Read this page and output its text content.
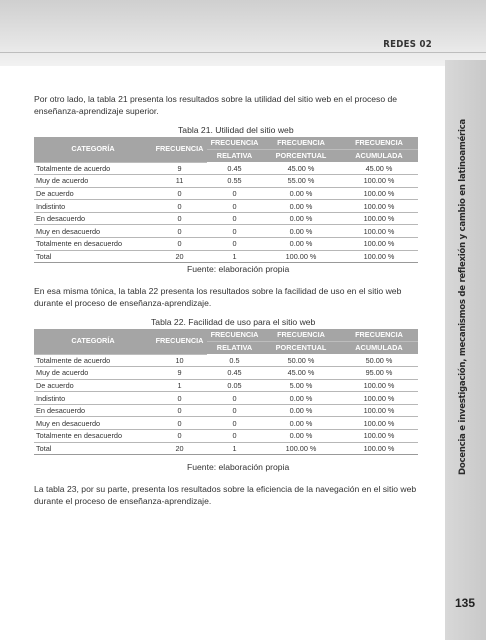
REDES 02
Docencia e investigación, mecanismos de reflexión y cambio en latinoamérica
135

Por otro lado, la tabla 21 presenta los resultados sobre la utilidad del sitio web en el proceso de enseñanza-aprendizaje superior.

Tabla 21. Utilidad del sitio web
CATEGORÍA	FRECUENCIA	FRECUENCIA	FRECUENCIA	FRECUENCIA
		RELATIVA	PORCENTUAL	ACUMULADA
Totalmente de acuerdo	9	0.45	45.00 %	45.00 %
Muy de acuerdo	11	0.55	55.00 %	100.00 %
De acuerdo	0	0	0.00 %	100.00 %
Indistinto	0	0	0.00 %	100.00 %
En desacuerdo	0	0	0.00 %	100.00 %
Muy en desacuerdo	0	0	0.00 %	100.00 %
Totalmente en desacuerdo	0	0	0.00 %	100.00 %
Total	20	1	100.00 %	100.00 %
Fuente: elaboración propia

En esa misma tónica, la tabla 22 presenta los resultados sobre la facilidad de uso en el sitio web durante el proceso de enseñanza-aprendizaje.

Tabla 22. Facilidad de uso para el sitio web
CATEGORÍA	FRECUENCIA	FRECUENCIA	FRECUENCIA	FRECUENCIA
		RELATIVA	PORCENTUAL	ACUMULADA
Totalmente de acuerdo	10	0.5	50.00 %	50.00 %
Muy de acuerdo	9	0.45	45.00 %	95.00 %
De acuerdo	1	0.05	5.00 %	100.00 %
Indistinto	0	0	0.00 %	100.00 %
En desacuerdo	0	0	0.00 %	100.00 %
Muy en desacuerdo	0	0	0.00 %	100.00 %
Totalmente en desacuerdo	0	0	0.00 %	100.00 %
Total	20	1	100.00 %	100.00 %
Fuente: elaboración propia

La tabla 23, por su parte, presenta los resultados sobre la eficiencia de la navegación en el sitio web durante el proceso de enseñanza-aprendizaje.
